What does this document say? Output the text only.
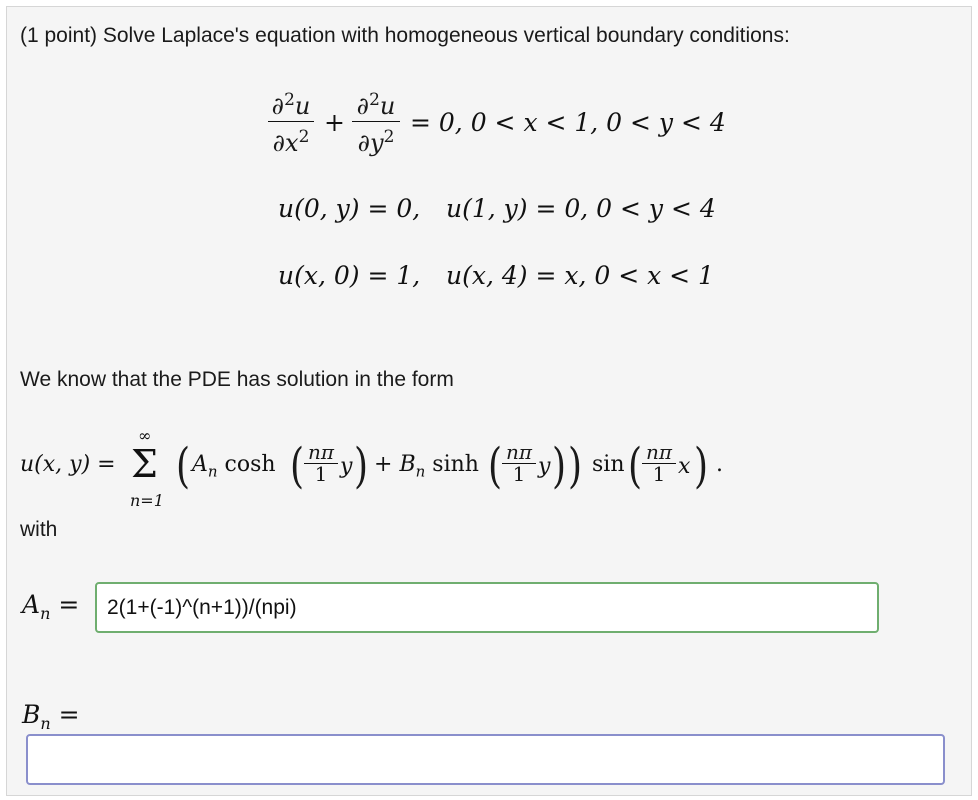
(1 point) Solve Laplace's equation with homogeneous vertical boundary conditions:
∂$^2$u
$\partial x^2$ +
∂$^2$u
$\partial y^2 = 0$, 0 < x < 1, 0 < y < 4
u(0, y) = 0, u(1, y) = 0, 0 < y < 4
u(x, 0) = 1, u(x, 4) = x, 0 < x < 1
We know that the PDE has solution in the form
u(x, y) =
∞
Σ
n=1
( $A_n$ cosh ( nπ
1 y ) + $B_n$ sinh ( nπ
1 y ) ) sin ( nπ
1 x ) .
with
$A_n$ = 2(1+(-1)^(n+1))/(npi)
$B_n$ =
